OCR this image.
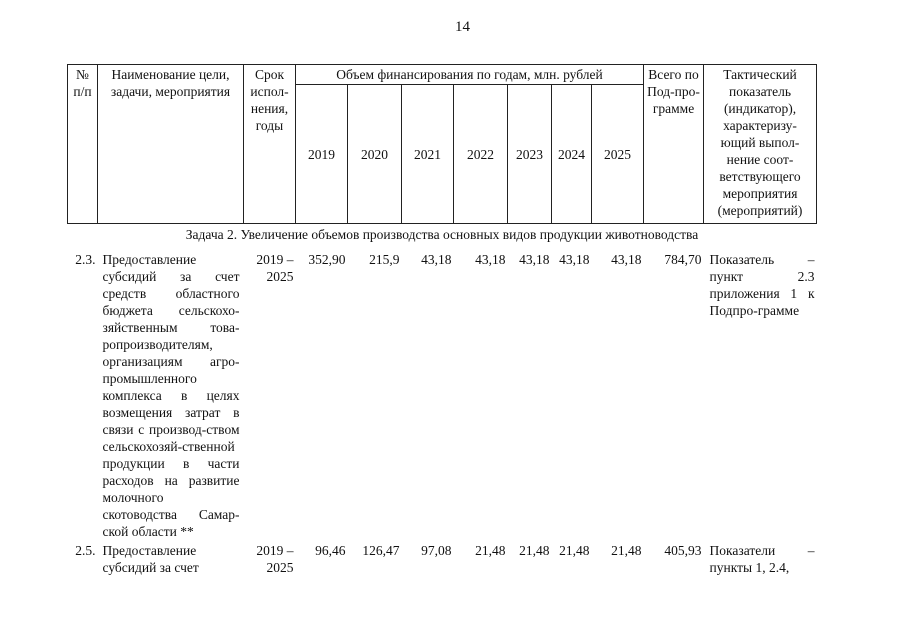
14
№ п/п	Наименование цели, задачи, мероприятия	Срок испол-нения, годы	Объем финансирования по годам, млн. рублей							Всего по Под-про-грамме	Тактический показатель (индикатор), характеризу-ющий выпол-нение соот-ветствующего мероприятия (мероприятий)
			2019	2020	2021	2022	2023	2024	2025		
Задача 2. Увеличение объемов производства основных видов продукции животноводства											
2.3.	Предоставление субсидий за счет средств областного бюджета сельскохо-зяйственным това-ропроизводителям, организациям агро-промышленного комплекса в целях возмещения затрат в связи с производ-ством сельскохозяй-ственной продукции в части расходов на развитие молочного скотоводства Самар-ской области **	2019 – 2025	352,90	215,9	43,18	43,18	43,18	43,18	43,18	784,70	Показатель – пункт 2.3 приложения 1 к Подпро-грамме
2.5.	Предоставление субсидий за счет	2019 – 2025	96,46	126,47	97,08	21,48	21,48	21,48	21,48	405,93	Показатели – пункты 1, 2.4,
